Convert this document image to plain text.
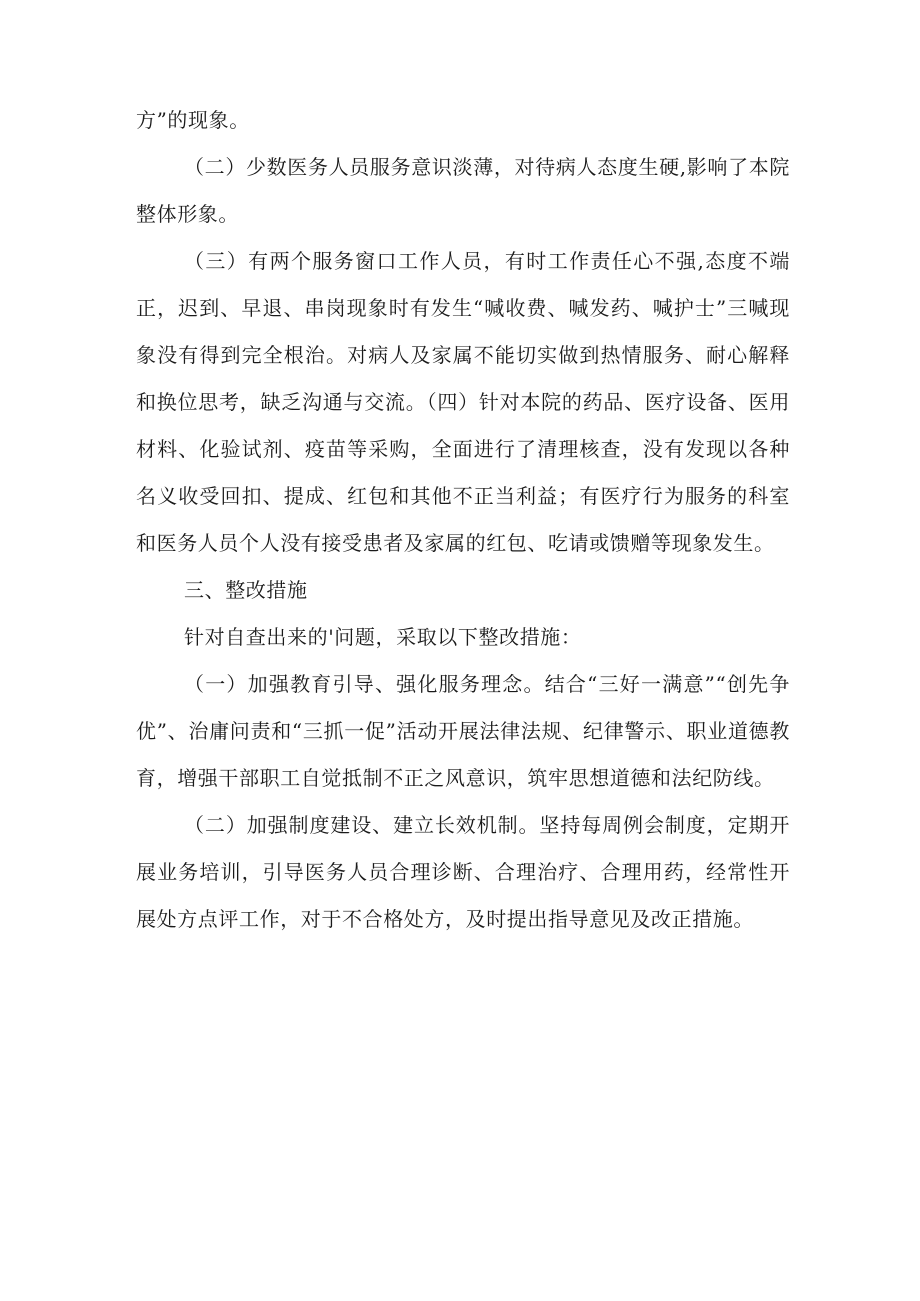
方”的现象。

（二）少数医务人员服务意识淡薄，对待病人态度生硬,影响了本院整体形象。

（三）有两个服务窗口工作人员，有时工作责任心不强,态度不端正，迟到、早退、串岗现象时有发生“喊收费、喊发药、喊护士”三喊现象没有得到完全根治。对病人及家属不能切实做到热情服务、耐心解释和换位思考，缺乏沟通与交流。（四）针对本院的药品、医疗设备、医用材料、化验试剂、疫苗等采购，全面进行了清理核查，没有发现以各种名义收受回扣、提成、红包和其他不正当利益；有医疗行为服务的科室和医务人员个人没有接受患者及家属的红包、吃请或馈赠等现象发生。

三、整改措施

针对自查出来的'问题，采取以下整改措施：

（一）加强教育引导、强化服务理念。结合“三好一满意”“创先争优”、治庸问责和“三抓一促”活动开展法律法规、纪律警示、职业道德教育，增强干部职工自觉抵制不正之风意识，筑牢思想道德和法纪防线。

（二）加强制度建设、建立长效机制。坚持每周例会制度，定期开展业务培训，引导医务人员合理诊断、合理治疗、合理用药，经常性开展处方点评工作，对于不合格处方，及时提出指导意见及改正措施。
